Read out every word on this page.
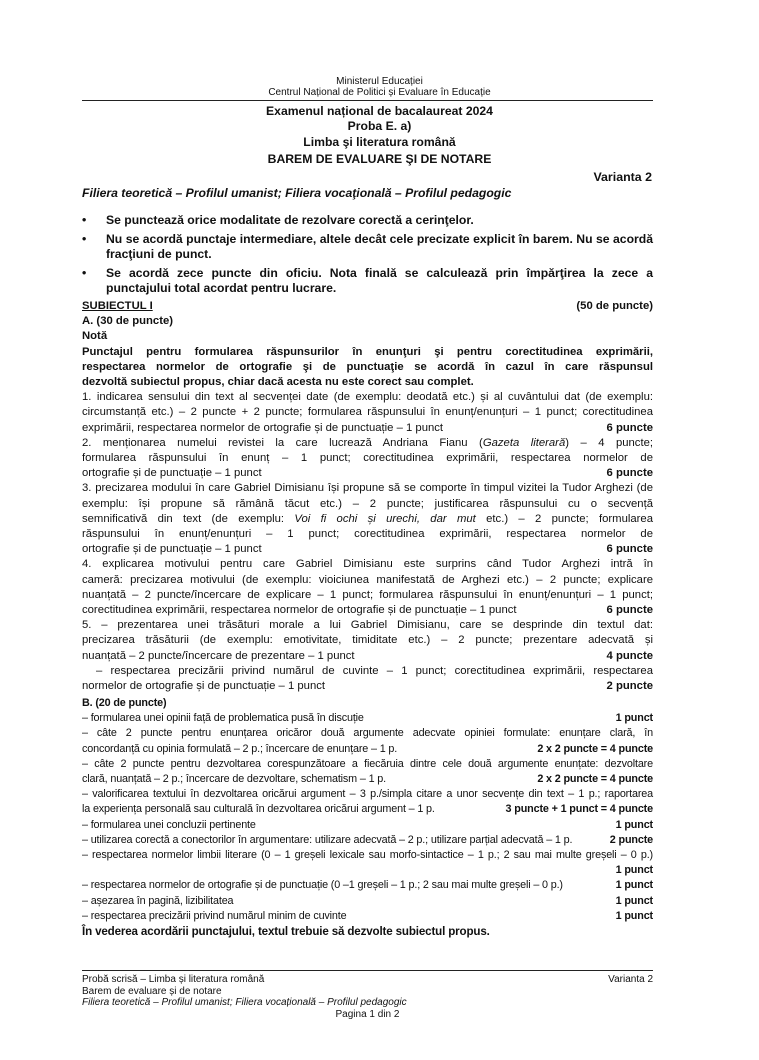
Ministerul Educației
Centrul Național de Politici și Evaluare în Educație
Examenul național de bacalaureat 2024
Proba E. a)
Limba şi literatura română
BAREM DE EVALUARE ŞI DE NOTARE
Varianta 2
Filiera teoretică – Profilul umanist; Filiera vocaţională – Profilul pedagogic
• Se punctează orice modalitate de rezolvare corectă a cerinţelor.
• Nu se acordă punctaje intermediare, altele decât cele precizate explicit în barem. Nu se acordă fracţiuni de punct.
• Se acordă zece puncte din oficiu. Nota finală se calculează prin împărţirea la zece a punctajului total acordat pentru lucrare.
SUBIECTUL I	(50 de puncte)
A. (30 de puncte)
Notă
Punctajul pentru formularea răspunsurilor în enunţuri şi pentru corectitudinea exprimării,
respectarea normelor de ortografie şi de punctuaţie se acordă în cazul în care răspunsul
dezvoltă subiectul propus, chiar dacă acesta nu este corect sau complet.
1. indicarea sensului din text al secvenței date (de exemplu: deodată etc.) și al cuvântului dat (de exemplu:
circumstanță etc.) – 2 puncte + 2 puncte; formularea răspunsului în enunț/enunțuri – 1 punct; corectitudinea
exprimării, respectarea normelor de ortografie și de punctuație – 1 punct	6 puncte
2. menționarea numelui revistei la care lucrează Andriana Fianu (Gazeta literară) – 4 puncte;
formularea răspunsului în enunț – 1 punct; corectitudinea exprimării, respectarea normelor de
ortografie și de punctuație – 1 punct	6 puncte
3. precizarea modului în care Gabriel Dimisianu își propune să se comporte în timpul vizitei la Tudor Arghezi (de
exemplu: își propune să rămână tăcut etc.) – 2 puncte; justificarea răspunsului cu o secvență
semnificativă din text (de exemplu: Voi fi ochi și urechi, dar mut etc.) – 2 puncte; formularea
răspunsului în enunț/enunțuri – 1 punct; corectitudinea exprimării, respectarea normelor de
ortografie și de punctuație – 1 punct	6 puncte
4. explicarea motivului pentru care Gabriel Dimisianu este surprins când Tudor Arghezi intră în
cameră: precizarea motivului (de exemplu: vioiciunea manifestată de Arghezi etc.) – 2 puncte; explicare
nuanțată – 2 puncte/încercare de explicare – 1 punct; formularea răspunsului în enunț/enunțuri – 1 punct;
corectitudinea exprimării, respectarea normelor de ortografie și de punctuație – 1 punct	6 puncte
5. – prezentarea unei trăsături morale a lui Gabriel Dimisianu, care se desprinde din textul dat:
precizarea trăsăturii (de exemplu: emotivitate, timiditate etc.) – 2 puncte; prezentare adecvată și
nuanțată – 2 puncte/încercare de prezentare – 1 punct	4 puncte
– respectarea precizării privind numărul de cuvinte – 1 punct; corectitudinea exprimării, respectarea
normelor de ortografie și de punctuație – 1 punct	2 puncte
B. (20 de puncte)
– formularea unei opinii față de problematica pusă în discuție	1 punct
– câte 2 puncte pentru enunțarea oricăror două argumente adecvate opiniei formulate: enunțare clară, în
concordanță cu opinia formulată – 2 p.; încercare de enunțare – 1 p.	2 x 2 puncte = 4 puncte
– câte 2 puncte pentru dezvoltarea corespunzătoare a fiecăruia dintre cele două argumente enunțate: dezvoltare
clară, nuanțată – 2 p.; încercare de dezvoltare, schematism – 1 p.	2 x 2 puncte = 4 puncte
– valorificarea textului în dezvoltarea oricărui argument – 3 p./simpla citare a unor secvențe din text – 1 p.; raportarea
la experiența personală sau culturală în dezvoltarea oricărui argument – 1 p.	3 puncte + 1 punct = 4 puncte
– formularea unei concluzii pertinente	1 punct
– utilizarea corectă a conectorilor în argumentare: utilizare adecvată – 2 p.; utilizare parțial adecvată – 1 p.	2 puncte
– respectarea normelor limbii literare (0 – 1 greșeli lexicale sau morfo-sintactice – 1 p.; 2 sau mai multe greșeli – 0 p.)
1 punct
– respectarea normelor de ortografie și de punctuație (0 –1 greșeli – 1 p.; 2 sau mai multe greșeli – 0 p.)	1 punct
– așezarea în pagină, lizibilitatea	1 punct
– respectarea precizării privind numărul minim de cuvinte	1 punct
În vederea acordării punctajului, textul trebuie să dezvolte subiectul propus.
Probă scrisă – Limba și literatura română	Varianta 2
Barem de evaluare și de notare
Filiera teoretică – Profilul umanist; Filiera vocațională – Profilul pedagogic
Pagina 1 din 2
